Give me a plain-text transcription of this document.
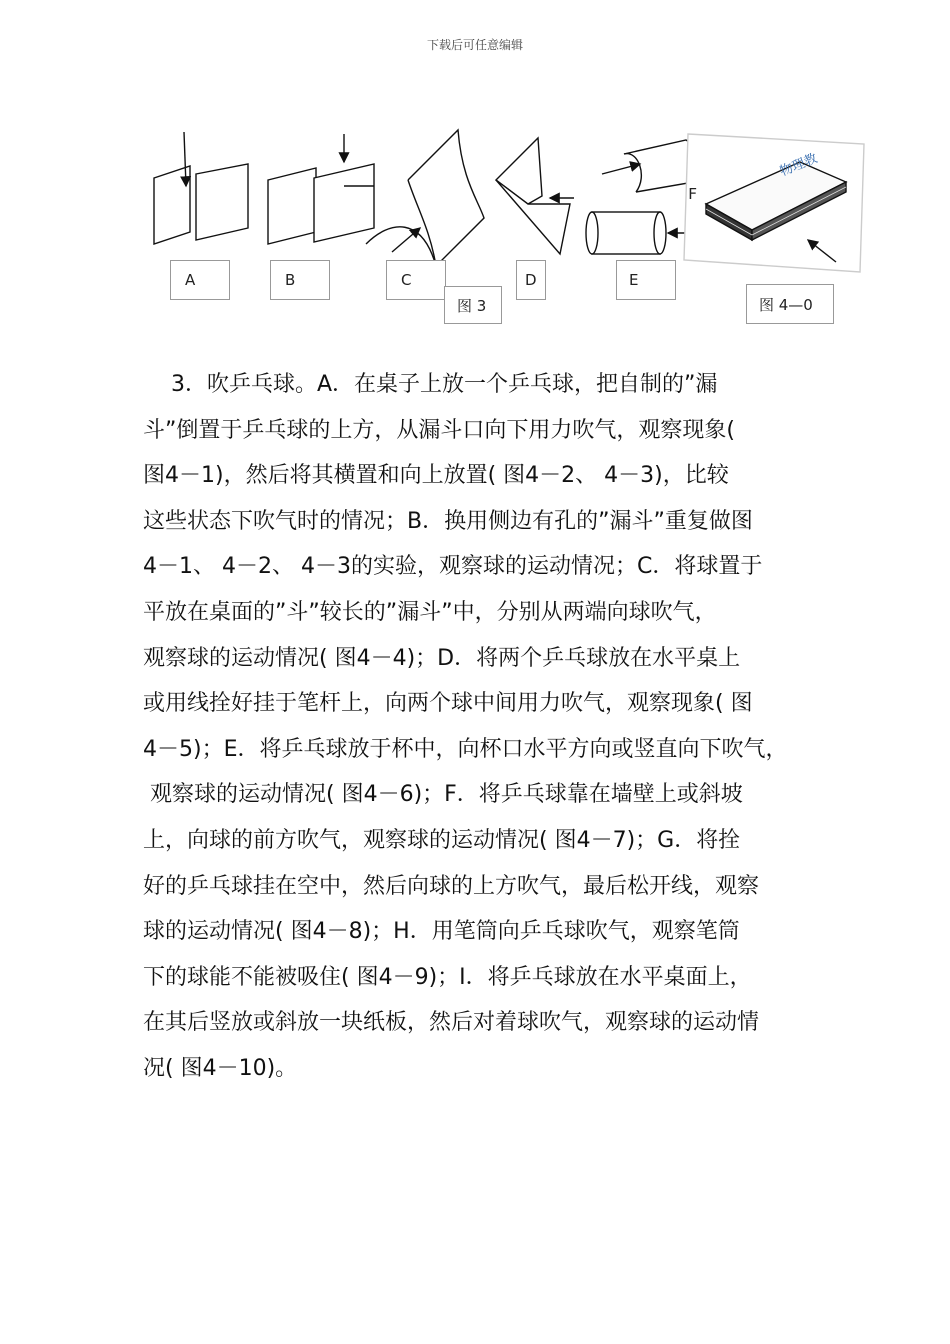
下载后可任意编辑
物理教
A	B	C
图 3
D	E
F
图 4—0
3．吹乒乓球。A．在桌子上放一个乒乓球，把自制的”漏
斗”倒置于乒乓球的上方，从漏斗口向下用力吹气，观察现象(
图4－1)，然后将其横置和向上放置( 图4－2、 4－3)，比较
这些状态下吹气时的情况；B．换用侧边有孔的”漏斗”重复做图
4－1、 4－2、 4－3的实验，观察球的运动情况；C．将球置于
平放在桌面的”斗”较长的”漏斗”中，分别从两端向球吹气，
观察球的运动情况( 图4－4)；D．将两个乒乓球放在水平桌上
或用线拴好挂于笔杆上，向两个球中间用力吹气，观察现象( 图
4－5)；E．将乒乓球放于杯中，向杯口水平方向或竖直向下吹气，
观察球的运动情况( 图4－6)；F．将乒乓球靠在墙壁上或斜坡
上，向球的前方吹气，观察球的运动情况( 图4－7)；G．将拴
好的乒乓球挂在空中，然后向球的上方吹气，最后松开线，观察
球的运动情况( 图4－8)；H．用笔筒向乒乓球吹气，观察笔筒
下的球能不能被吸住( 图4－9)；I．将乒乓球放在水平桌面上，
在其后竖放或斜放一块纸板，然后对着球吹气，观察球的运动情
况( 图4－10)。
